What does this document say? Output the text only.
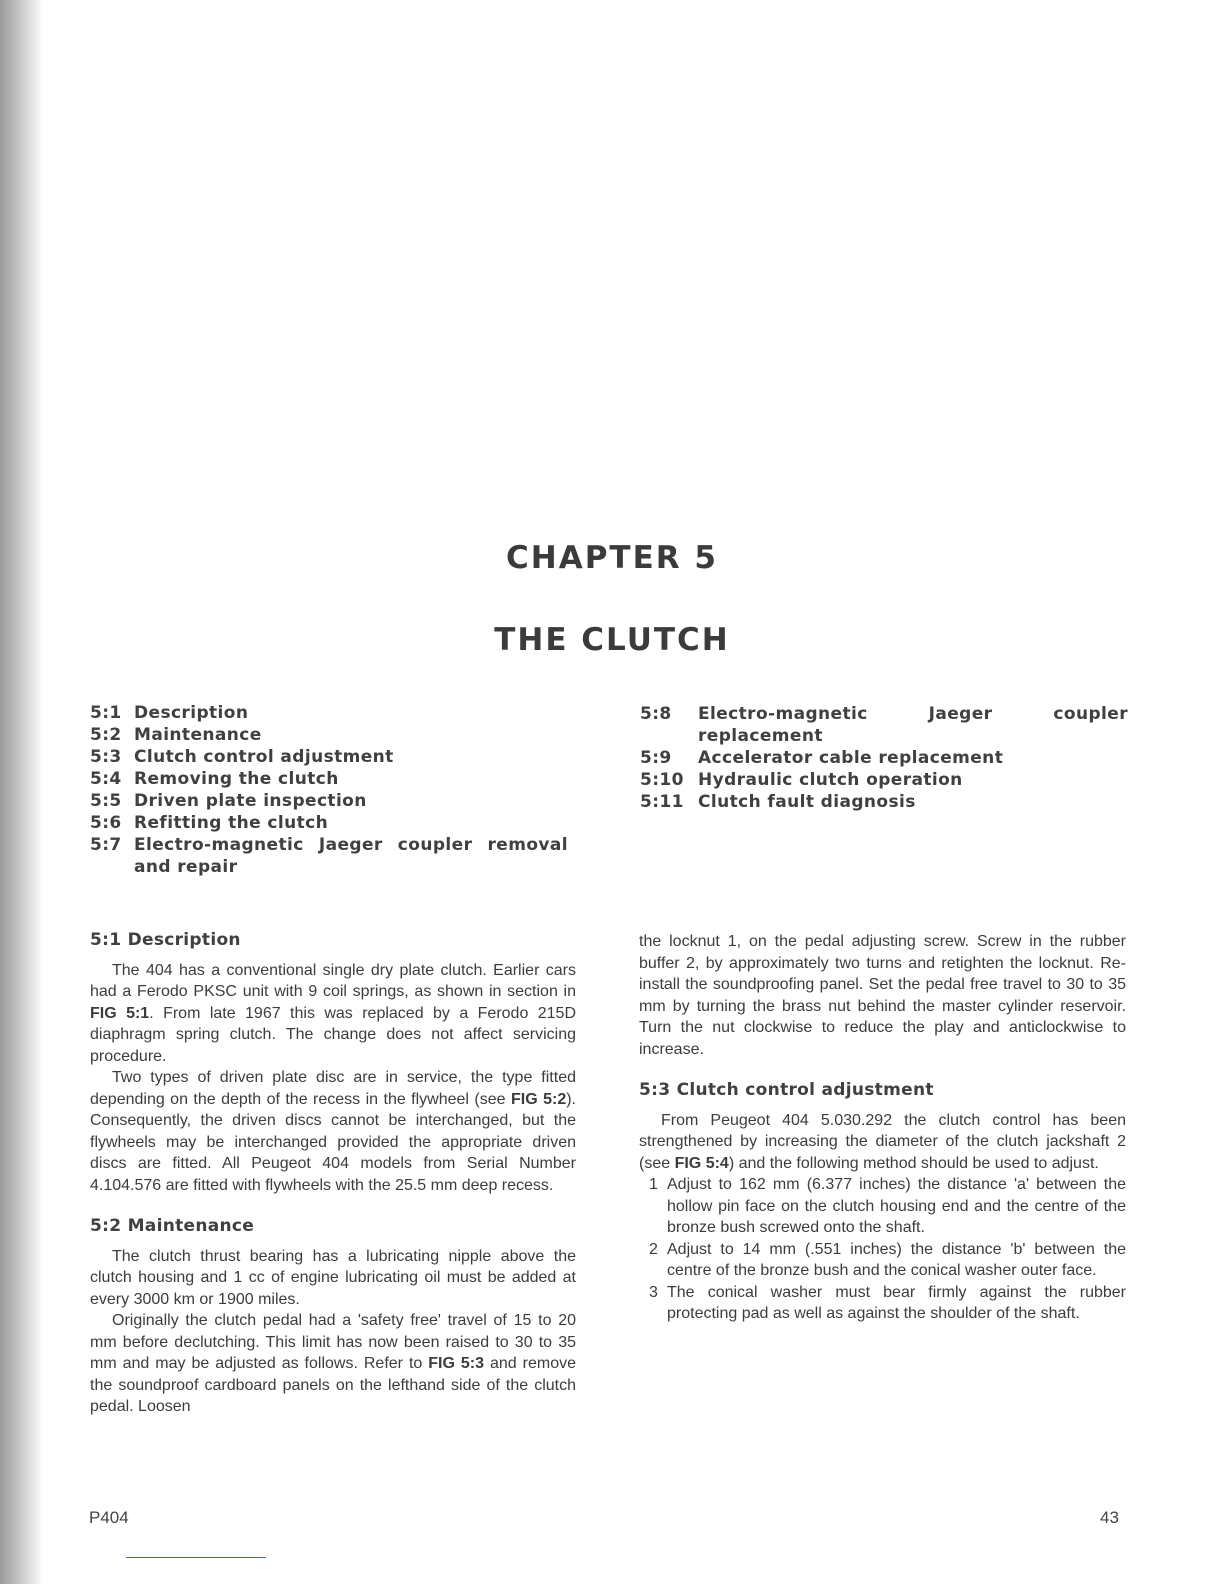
CHAPTER 5
THE CLUTCH
5:1 Description
5:2 Maintenance
5:3 Clutch control adjustment
5:4 Removing the clutch
5:5 Driven plate inspection
5:6 Refitting the clutch
5:7 Electro-magnetic Jaeger coupler removal and repair
5:8	Electro-magnetic Jaeger coupler replacement
5:9	Accelerator cable replacement
5:10 Hydraulic clutch operation
5:11 Clutch fault diagnosis
5:1 Description

The 404 has a conventional single dry plate clutch. Earlier cars had a Ferodo PKSC unit with 9 coil springs, as shown in section in FIG 5:1. From late 1967 this was replaced by a Ferodo 215D diaphragm spring clutch. The change does not affect servicing procedure.

Two types of driven plate disc are in service, the type fitted depending on the depth of the recess in the flywheel (see FIG 5:2). Consequently, the driven discs cannot be interchanged, but the flywheels may be interchanged provided the appropriate driven discs are fitted. All Peugeot 404 models from Serial Number 4.104.576 are fitted with flywheels with the 25.5 mm deep recess.

5:2 Maintenance

The clutch thrust bearing has a lubricating nipple above the clutch housing and 1 cc of engine lubricating oil must be added at every 3000 km or 1900 miles.

Originally the clutch pedal had a 'safety free' travel of 15 to 20 mm before declutching. This limit has now been raised to 30 to 35 mm and may be adjusted as follows. Refer to FIG 5:3 and remove the soundproof cardboard panels on the lefthand side of the clutch pedal. Loosen

the locknut 1, on the pedal adjusting screw. Screw in the rubber buffer 2, by approximately two turns and retighten the locknut. Re-install the soundproofing panel. Set the pedal free travel to 30 to 35 mm by turning the brass nut behind the master cylinder reservoir. Turn the nut clockwise to reduce the play and anticlockwise to increase.

5:3 Clutch control adjustment

From Peugeot 404 5.030.292 the clutch control has been strengthened by increasing the diameter of the clutch jackshaft 2 (see FIG 5:4) and the following method should be used to adjust.

1 Adjust to 162 mm (6.377 inches) the distance 'a' between the hollow pin face on the clutch housing end and the centre of the bronze bush screwed onto the shaft.
2 Adjust to 14 mm (.551 inches) the distance 'b' between the centre of the bronze bush and the conical washer outer face.
3 The conical washer must bear firmly against the rubber protecting pad as well as against the shoulder of the shaft.
P404	43
